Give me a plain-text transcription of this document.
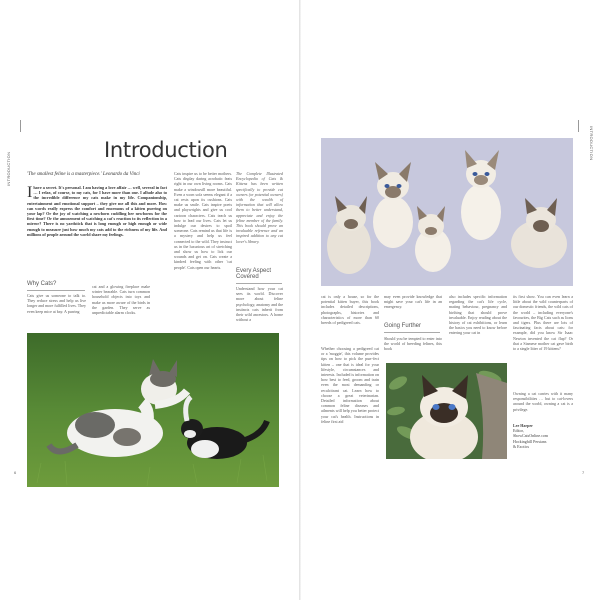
INTRODUCTION
INTRODUCTION
Introduction
'The smallest feline is a masterpiece.' Leonardo da Vinci
Ihave a secret. It's personal. I am having a love affair … well, several in fact … I relax, of course, to my cats, for I have more than one. I allude also to the incredible difference my cats make in my life. Companionship, entertainment and emotional support – they give me all this and more. How can words really express the comfort and enormous of a kitten purring on your lap? Or the joy of watching a newborn cuddling her newborns for the first time? Or the amusement of watching a cat's reaction to its reflection in a mirror? There is no yardstick that is long enough or high enough or wide enough to measure just how much my cats add to the richness of my life. And millions of people around the world share my feelings.
Why Cats?
Cats give us someone to talk to. They reduce stress and help us live longer and more fulfilled lives. They even keep mice at bay. A purring
cat and a glowing fireplace make winter bearable. Cats turn common household objects into toys and make us more aware of the birds in the garden. They serve as unpredictable alarm clocks.
Cats inspire us to be better mothers. Cats display daring acrobatic feats right in our own living rooms. Cats make a windowsill more beautiful. Even a worn sofa seems elegant if a cat rests upon its cushions. Cats make us smile. Cats inspire poets and playwrights and give us cool cartoon characters. Cats teach us how to lead our lives. Cats let us indulge our desires to spoil someone. Cats remind us that life is a mystery and help us feel connected to the wild. They instruct us in the luxurious art of stretching and show us how to lick our wounds and get on. Cats create a kindred feeling with other 'cat people'. Cats open our hearts.
The Complete Illustrated Encyclopedia of Cats & Kittens has been written specifically to provide cat owners (or potential owners) with the wealth of information that will allow them to better understand, appreciate and enjoy the feline member of the family. This book should prove an invaluable reference and an inspired addition to any cat lover's library.
Every Aspect Covered
Understand how your cat sees its world. Discover more about feline psychology, anatomy and the instincts cats inherit from their wild ancestors. A home without a
6
cat is only a house, so for the potential kitten buyer, this book includes detailed descriptions, photographs, histories and characteristics of more than 60 breeds of pedigreed cats.
Whether choosing a pedigreed cat or a 'moggie', this volume provides tips on how to pick the purr-fect kitten – one that is ideal for your lifestyle, circumstances and interests. Included is information on how best to feed, groom and train even the most demanding or recalcitrant cat. Learn how to choose a great veterinarian. Detailed information about common feline diseases and ailments will help you better protect your cat's health. Instructions in feline first aid
may even provide knowledge that might save your cat's life in an emergency.
Going Further
Should you be tempted to enter into the world of breeding felines, this book
also includes specific information regarding the cat's life cycle, mating behaviour, pregnancy and birthing that should prove invaluable. Enjoy reading about the history of cat exhibitions, or learn the basics you need to know before entering your cat in
its first show. You can even learn a little about the wild counterparts of our domestic friends, the wild cats of the world – including everyone's favourites, the Big Cats such as lions and tigers. Plus there are lots of fascinating facts about cats: for example, did you know Sir Isaac Newton invented the cat flap? Or that a Siamese mother cat gave birth to a single litter of 19 kittens?
Owning a cat carries with it many responsibilities … but to cat-lovers around the world, owning a cat is a privilege.
Lee Harper
Editor,
ShowCatsOnline.com
Hockinghill Persians
& Exotics
7
